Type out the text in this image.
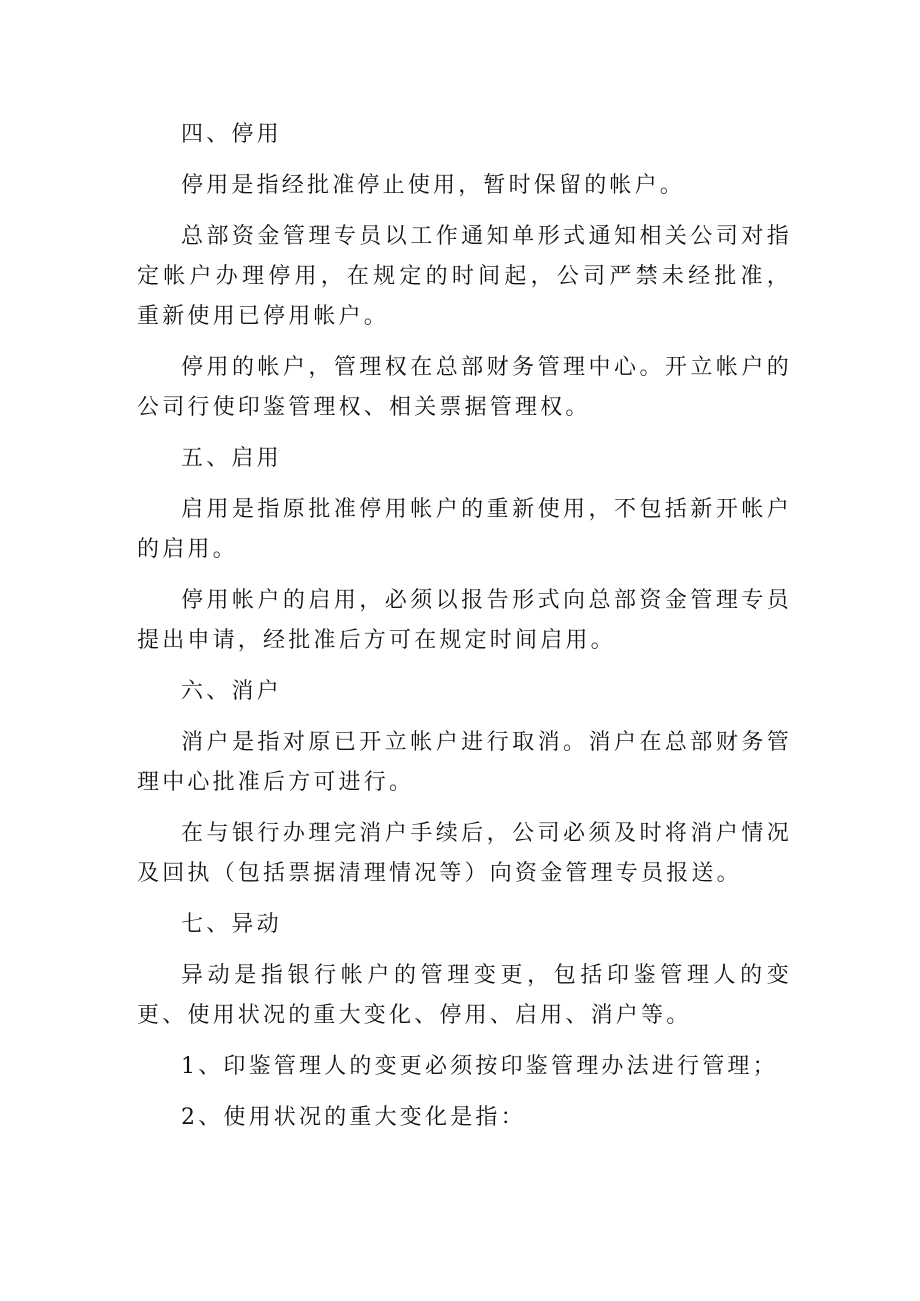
四、停用

停用是指经批准停止使用，暂时保留的帐户。

总部资金管理专员以工作通知单形式通知相关公司对指定帐户办理停用，在规定的时间起，公司严禁未经批准，重新使用已停用帐户。

停用的帐户，管理权在总部财务管理中心。开立帐户的公司行使印鉴管理权、相关票据管理权。

五、启用

启用是指原批准停用帐户的重新使用，不包括新开帐户的启用。

停用帐户的启用，必须以报告形式向总部资金管理专员提出申请，经批准后方可在规定时间启用。

六、消户

消户是指对原已开立帐户进行取消。消户在总部财务管理中心批准后方可进行。

在与银行办理完消户手续后，公司必须及时将消户情况及回执（包括票据清理情况等）向资金管理专员报送。

七、异动

异动是指银行帐户的管理变更，包括印鉴管理人的变更、使用状况的重大变化、停用、启用、消户等。

1、印鉴管理人的变更必须按印鉴管理办法进行管理；

2、使用状况的重大变化是指：
